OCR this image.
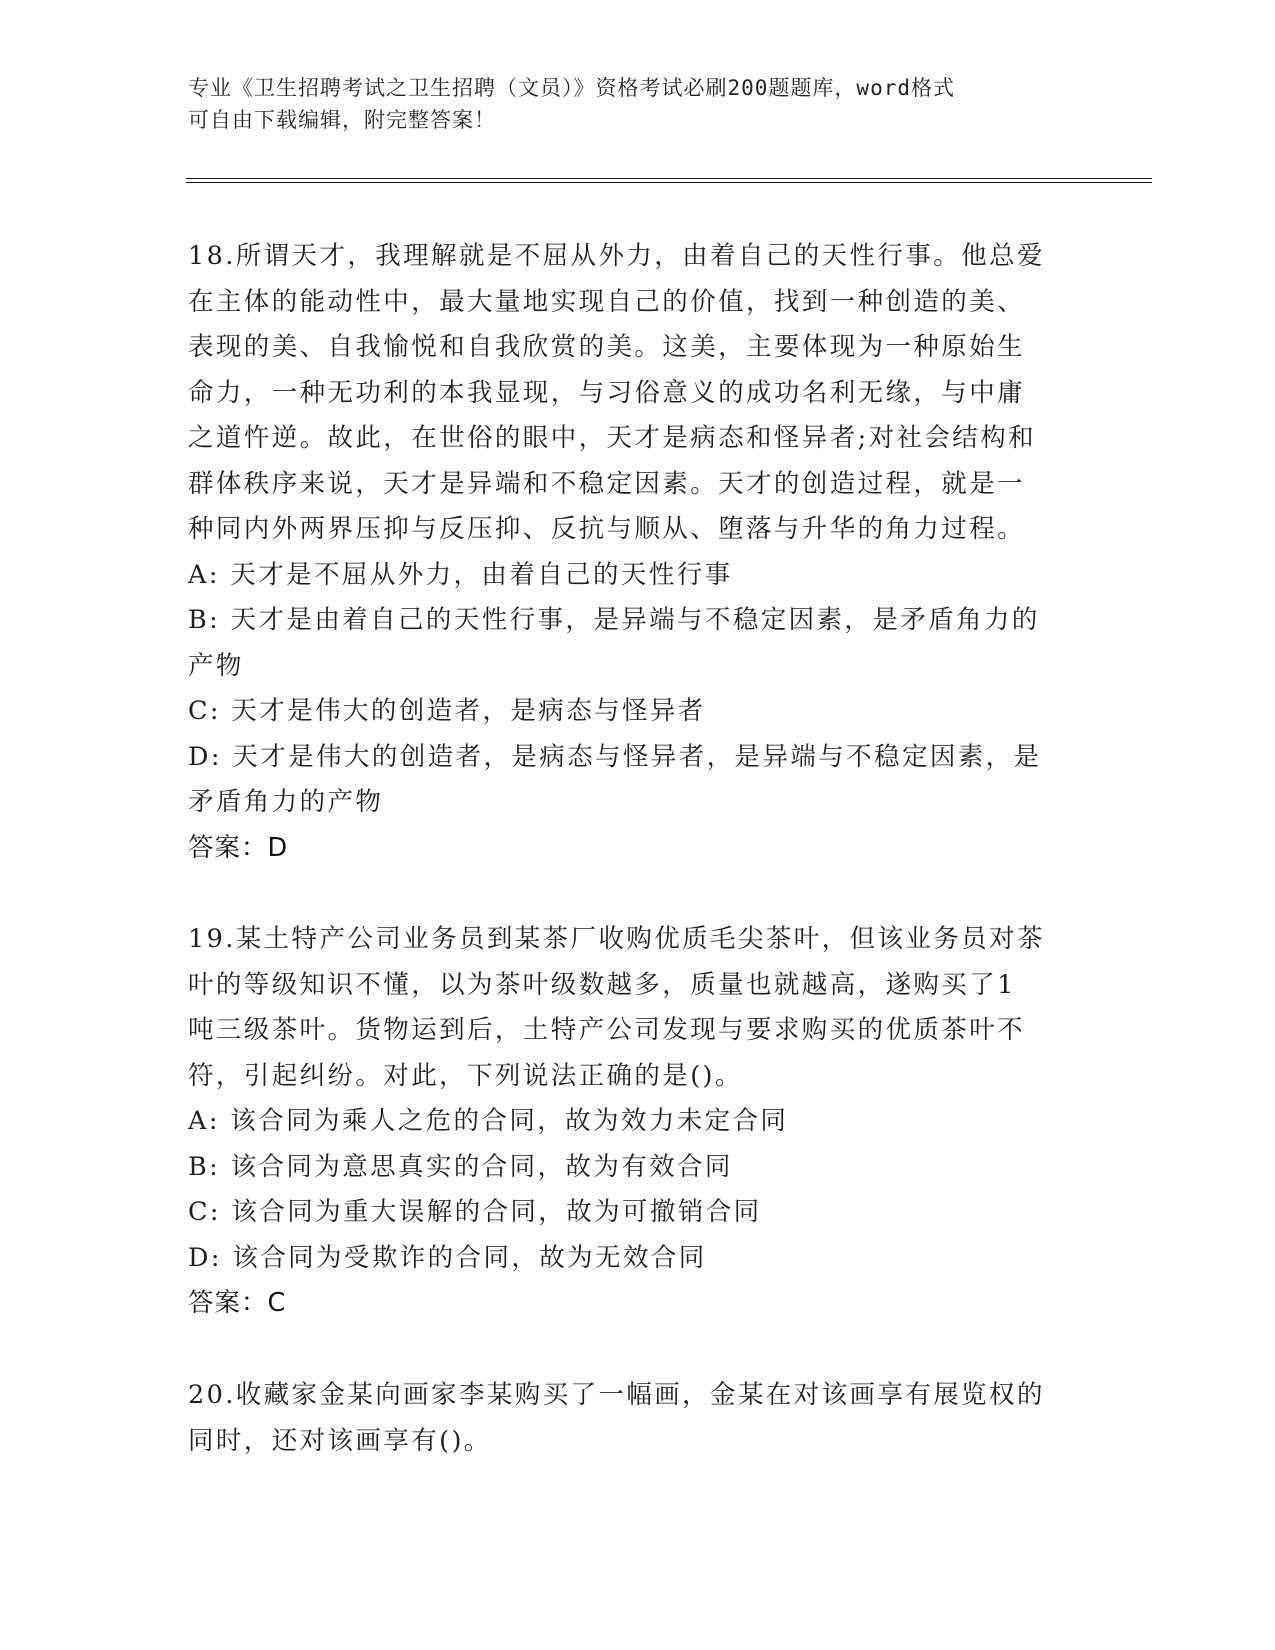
专业《卫生招聘考试之卫生招聘（文员）》资格考试必刷200题题库，word格式
可自由下载编辑，附完整答案！

18.所谓天才，我理解就是不屈从外力，由着自己的天性行事。他总爱

在主体的能动性中，最大量地实现自己的价值，找到一种创造的美、

表现的美、自我愉悦和自我欣赏的美。这美，主要体现为一种原始生

命力，一种无功利的本我显现，与习俗意义的成功名利无缘，与中庸

之道忤逆。故此，在世俗的眼中，天才是病态和怪异者;对社会结构和

群体秩序来说，天才是异端和不稳定因素。天才的创造过程，就是一

种同内外两界压抑与反压抑、反抗与顺从、堕落与升华的角力过程。

A: 天才是不屈从外力，由着自己的天性行事

B: 天才是由着自己的天性行事，是异端与不稳定因素，是矛盾角力的

产物

C: 天才是伟大的创造者，是病态与怪异者

D: 天才是伟大的创造者，是病态与怪异者，是异端与不稳定因素，是

矛盾角力的产物

答案：D

19.某土特产公司业务员到某茶厂收购优质毛尖茶叶，但该业务员对茶

叶的等级知识不懂，以为茶叶级数越多，质量也就越高，遂购买了1

吨三级茶叶。货物运到后，土特产公司发现与要求购买的优质茶叶不

符，引起纠纷。对此，下列说法正确的是()。

A: 该合同为乘人之危的合同，故为效力未定合同

B: 该合同为意思真实的合同，故为有效合同

C: 该合同为重大误解的合同，故为可撤销合同

D: 该合同为受欺诈的合同，故为无效合同

答案：C

20.收藏家金某向画家李某购买了一幅画，金某在对该画享有展览权的

同时，还对该画享有()。
